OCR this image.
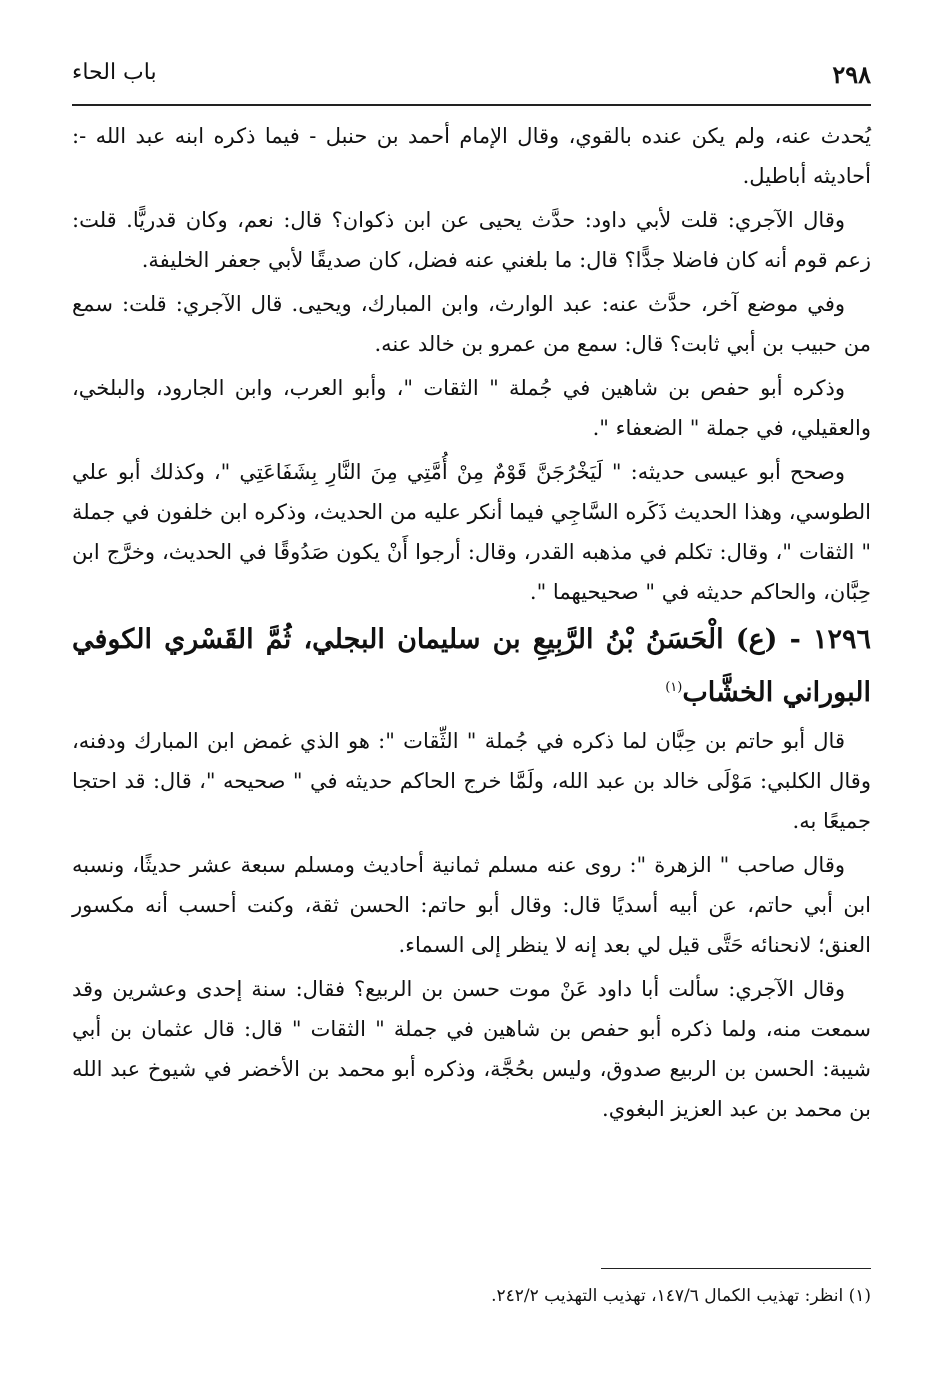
٢٩٨
باب الحاء

يُحدث عنه، ولم يكن عنده بالقوي، وقال الإمام أحمد بن حنبل - فيما ذكره ابنه عبد الله -: أحاديثه أباطيل.

وقال الآجري: قلت لأبي داود: حدَّث يحيى عن ابن ذكوان؟ قال: نعم، وكان قدريًّا. قلت: زعم قوم أنه كان فاضلا جدًّا؟ قال: ما بلغني عنه فضل، كان صديقًا لأبي جعفر الخليفة.

وفي موضع آخر، حدَّث عنه: عبد الوارث، وابن المبارك، ويحيى. قال الآجري: قلت: سمع من حبيب بن أبي ثابت؟ قال: سمع من عمرو بن خالد عنه.

وذكره أبو حفص بن شاهين في جُملة " الثقات "، وأبو العرب، وابن الجارود، والبلخي، والعقيلي، في جملة " الضعفاء ".

وصحح أبو عيسى حديثه: " لَيَخْرُجَنَّ قَوْمٌ مِنْ أُمَّتِي مِنَ النَّارِ بِشَفَاعَتِي "، وكذلك أبو علي الطوسي، وهذا الحديث ذَكَره السَّاجِي فيما أنكر عليه من الحديث، وذكره ابن خلفون في جملة " الثقات "، وقال: تكلم في مذهبه القدر، وقال: أرجوا أَنْ يكون صَدُوقًا في الحديث، وخرَّج ابن حِبَّان، والحاكم حديثه في " صحيحيهما ".

١٢٩٦ - (ع) الْحَسَنُ بْنُ الرَّبِيعِ بن سليمان البجلي، ثُمَّ القَسْري الكوفي البوراني الخشَّاب$^{(١)}$

قال أبو حاتم بن حِبَّان لما ذكره في جُملة " الثِّقات ": هو الذي غمض ابن المبارك ودفنه، وقال الكلبي: مَوْلَى خالد بن عبد الله، ولَمَّا خرج الحاكم حديثه في " صحيحه "، قال: قد احتجا جميعًا به.

وقال صاحب " الزهرة ": روى عنه مسلم ثمانية أحاديث ومسلم سبعة عشر حديثًا، ونسبه ابن أبي حاتم، عن أبيه أسديًا قال: وقال أبو حاتم: الحسن ثقة، وكنت أحسب أنه مكسور العنق؛ لانحنائه حَتَّى قيل لي بعد إنه لا ينظر إلى السماء.

وقال الآجري: سألت أبا داود عَنْ موت حسن بن الربيع؟ فقال: سنة إحدى وعشرين وقد سمعت منه، ولما ذكره أبو حفص بن شاهين في جملة " الثقات " قال: قال عثمان بن أبي شيبة: الحسن بن الربيع صدوق، وليس بحُجَّة، وذكره أبو محمد بن الأخضر في شيوخ عبد الله بن محمد بن عبد العزيز البغوي.

(١) انظر: تهذيب الكمال ١٤٧/٦، تهذيب التهذيب ٢٤٢/٢.
